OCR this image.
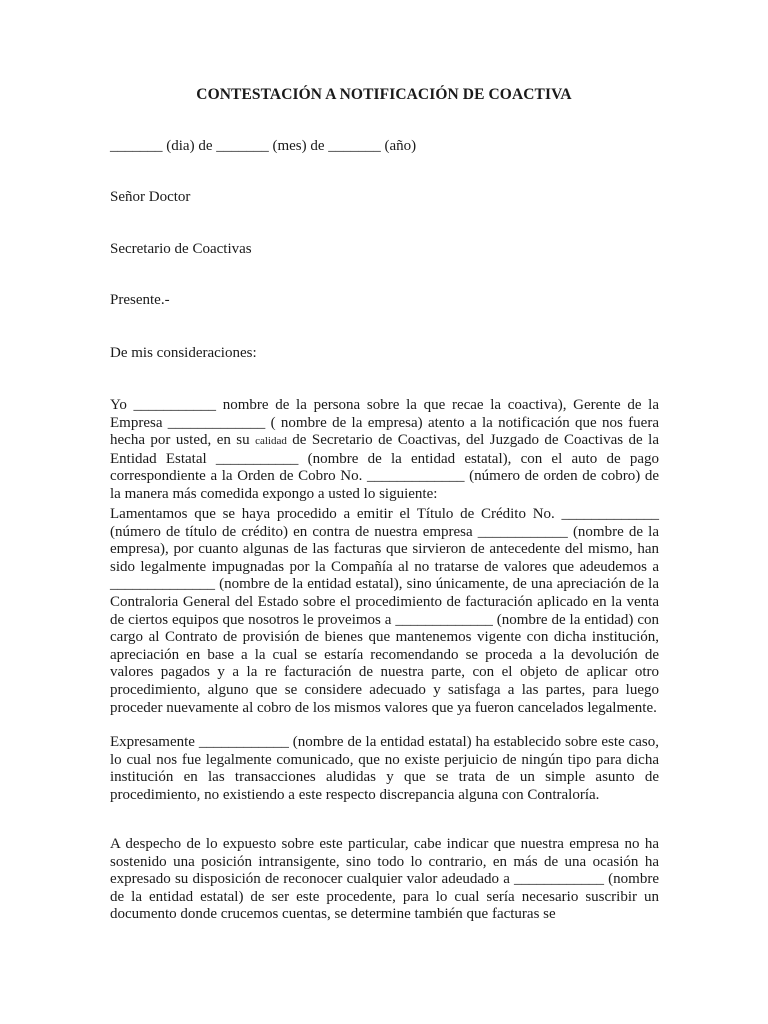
CONTESTACIÓN A NOTIFICACIÓN DE COACTIVA
_______ (dia) de _______ (mes) de _______ (año)
Señor Doctor
Secretario de Coactivas
Presente.-
De mis consideraciones:
Yo ___________ nombre de la persona sobre la que recae la coactiva), Gerente de la Empresa _____________ ( nombre de la empresa) atento a la notificación que nos fuera hecha por usted, en su calidad de Secretario de Coactivas, del Juzgado de Coactivas de la Entidad Estatal ___________ (nombre de la entidad estatal), con el auto de pago correspondiente a la Orden de Cobro No. _____________ (número de orden de cobro) de la manera más comedida expongo a usted lo siguiente:
Lamentamos que se haya procedido a emitir el Título de Crédito No. _____________ (número de título de crédito) en contra de nuestra empresa ____________ (nombre de la empresa), por cuanto algunas de las facturas que sirvieron de antecedente del mismo, han sido legalmente impugnadas por la Compañía al no tratarse de valores que adeudemos a ______________ (nombre de la entidad estatal), sino únicamente, de una apreciación de la Contraloria General del Estado sobre el procedimiento de facturación aplicado en la venta de ciertos equipos que nosotros le proveimos a _____________ (nombre de la entidad) con cargo al Contrato de provisión de bienes que mantenemos vigente con dicha institución, apreciación en base a la cual se estaría recomendando se proceda a la devolución de valores pagados y a la re facturación de nuestra parte, con el objeto de aplicar otro procedimiento, alguno que se considere adecuado y satisfaga a las partes, para luego proceder nuevamente al cobro de los mismos valores que ya fueron cancelados legalmente.
Expresamente ____________ (nombre de la entidad estatal) ha establecido sobre este caso, lo cual nos fue legalmente comunicado, que no existe perjuicio de ningún tipo para dicha institución en las transacciones aludidas y que se trata de un simple asunto de procedimiento, no existiendo a este respecto discrepancia alguna con Contraloría.
A despecho de lo expuesto sobre este particular, cabe indicar que nuestra empresa no ha sostenido una posición intransigente, sino todo lo contrario, en más de una ocasión ha expresado su disposición de reconocer cualquier valor adeudado a ____________ (nombre de la entidad estatal) de ser este procedente, para lo cual sería necesario suscribir un documento donde crucemos cuentas, se determine también que facturas se
